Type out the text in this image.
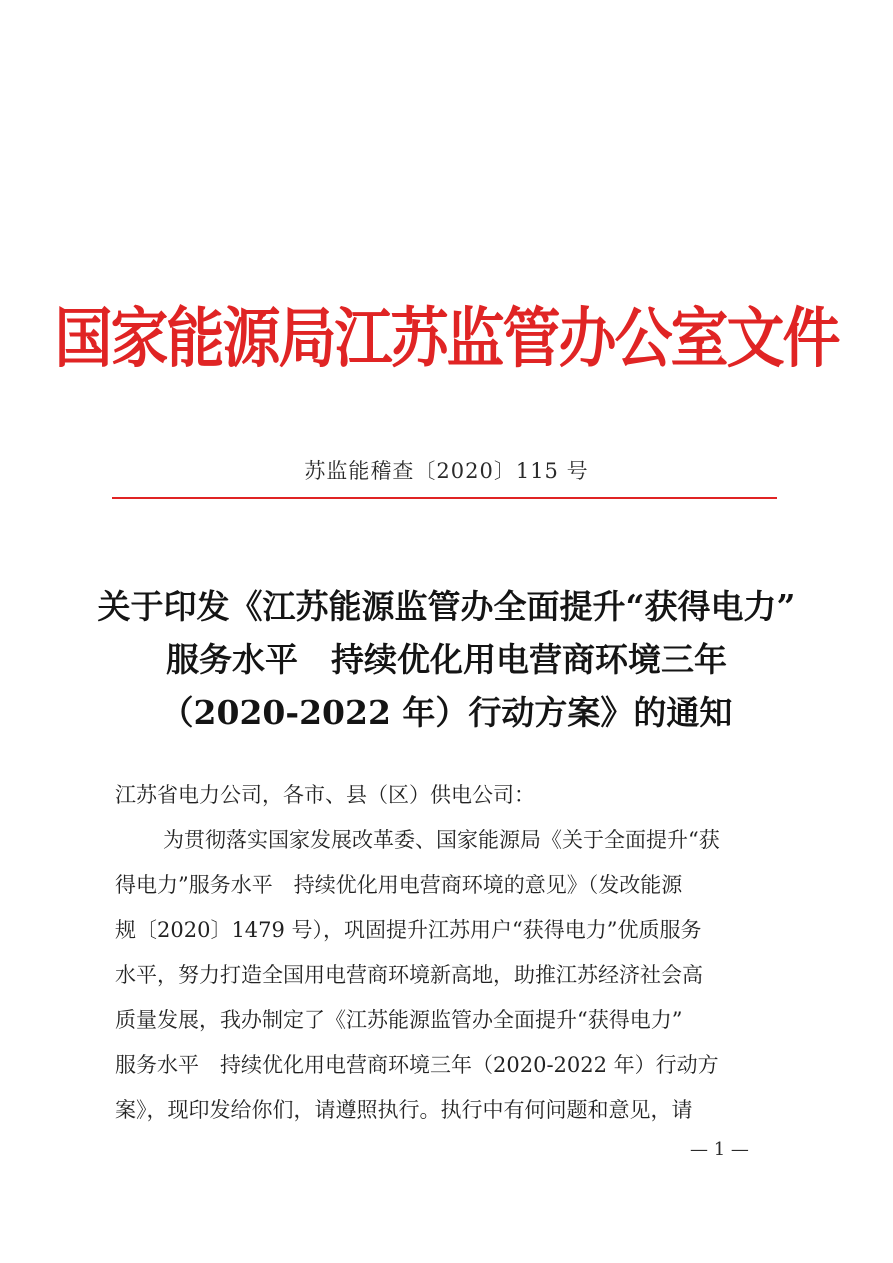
国家能源局江苏监管办公室文件
苏监能稽查〔2020〕115 号
关于印发《江苏能源监管办全面提升“获得电力”
服务水平　持续优化用电营商环境三年
（2020-2022 年）行动方案》的通知
江苏省电力公司，各市、县（区）供电公司：
为贯彻落实国家发展改革委、国家能源局《关于全面提升“获
得电力”服务水平　持续优化用电营商环境的意见》（发改能源
规〔2020〕1479 号），巩固提升江苏用户“获得电力”优质服务
水平，努力打造全国用电营商环境新高地，助推江苏经济社会高
质量发展，我办制定了《江苏能源监管办全面提升“获得电力”
服务水平　持续优化用电营商环境三年（2020-2022 年）行动方
案》，现印发给你们，请遵照执行。执行中有何问题和意见，请
— 1 —
